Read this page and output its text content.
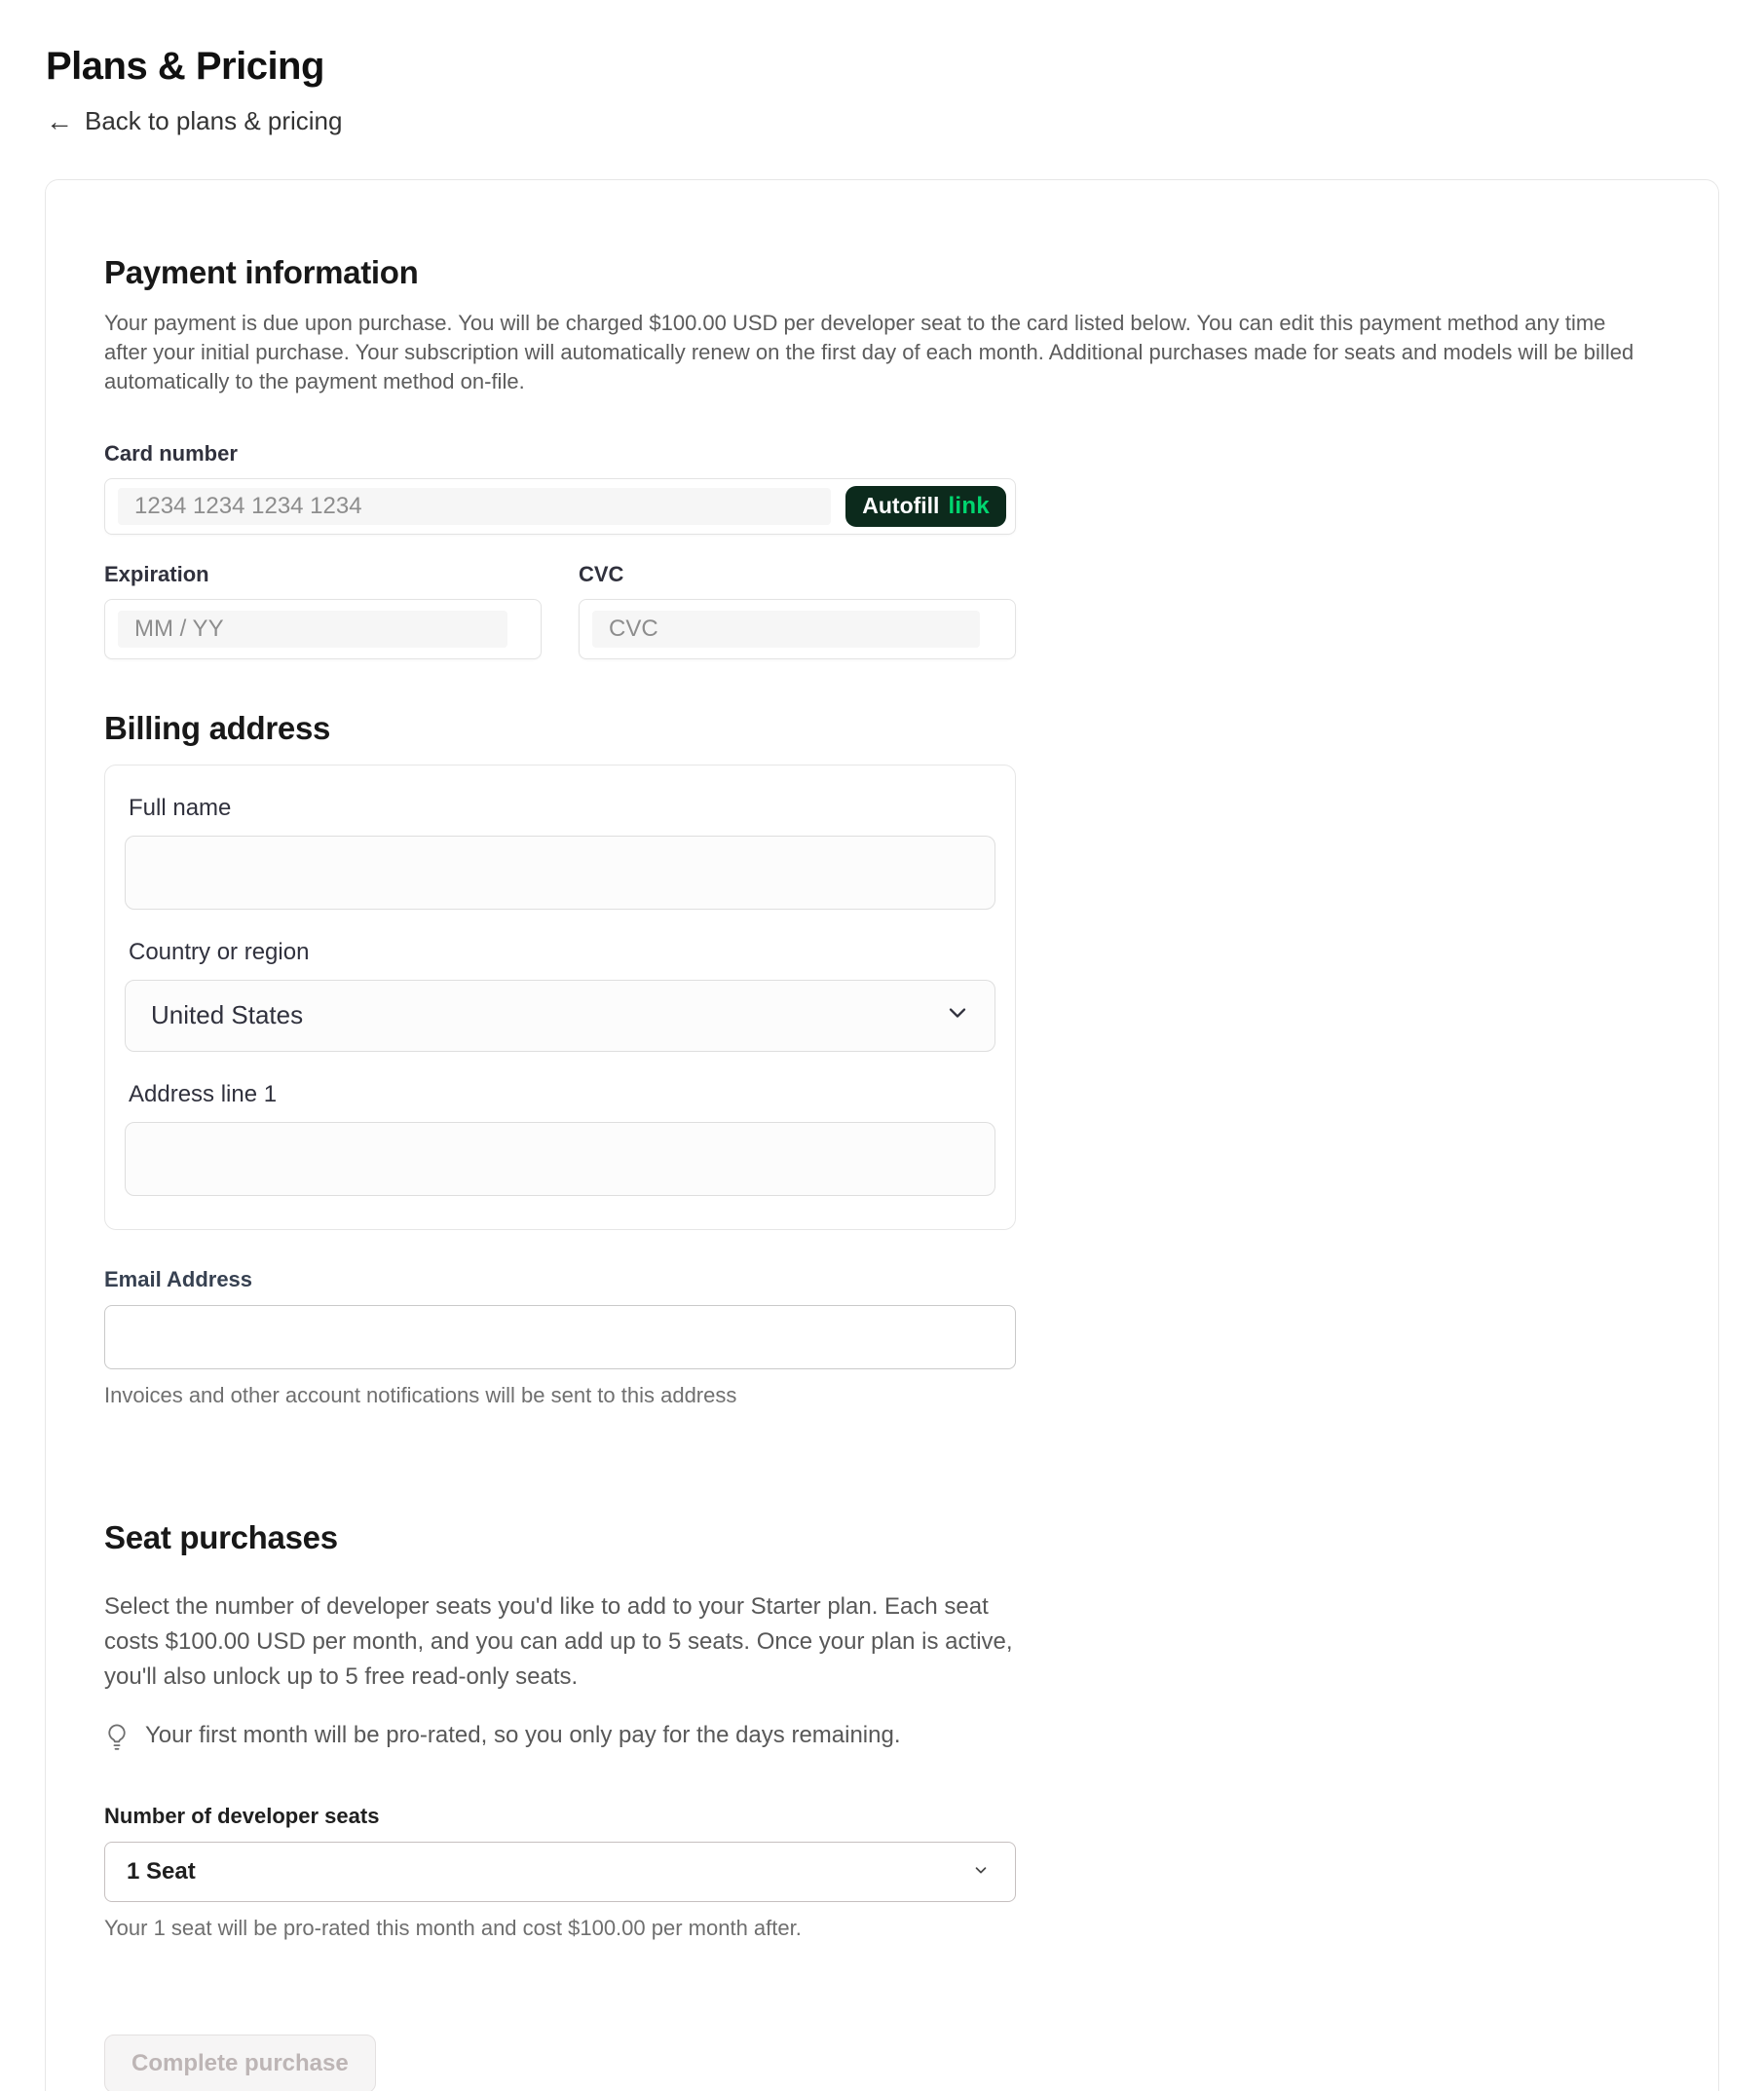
Plans & Pricing
← Back to plans & pricing
Payment information

Your payment is due upon purchase. You will be charged $100.00 USD per developer seat to the card listed below. You can edit this payment method any time after your initial purchase. Your subscription will automatically renew on the first day of each month. Additional purchases made for seats and models will be billed automatically to the payment method on-file.

Card number
1234 1234 1234 1234	Autofill link
Expiration
MM / YY
CVC
CVC
Billing address
Full name
Country or region
United States
Address line 1
Email Address

Invoices and other account notifications will be sent to this address

Seat purchases

Select the number of developer seats you'd like to add to your Starter plan. Each seat costs $100.00 USD per month, and you can add up to 5 seats. Once your plan is active, you'll also unlock up to 5 free read-only seats.

Your first month will be pro-rated, so you only pay for the days remaining.
Number of developer seats
1 Seat

Your 1 seat will be pro-rated this month and cost $100.00 per month after.

Complete purchase
